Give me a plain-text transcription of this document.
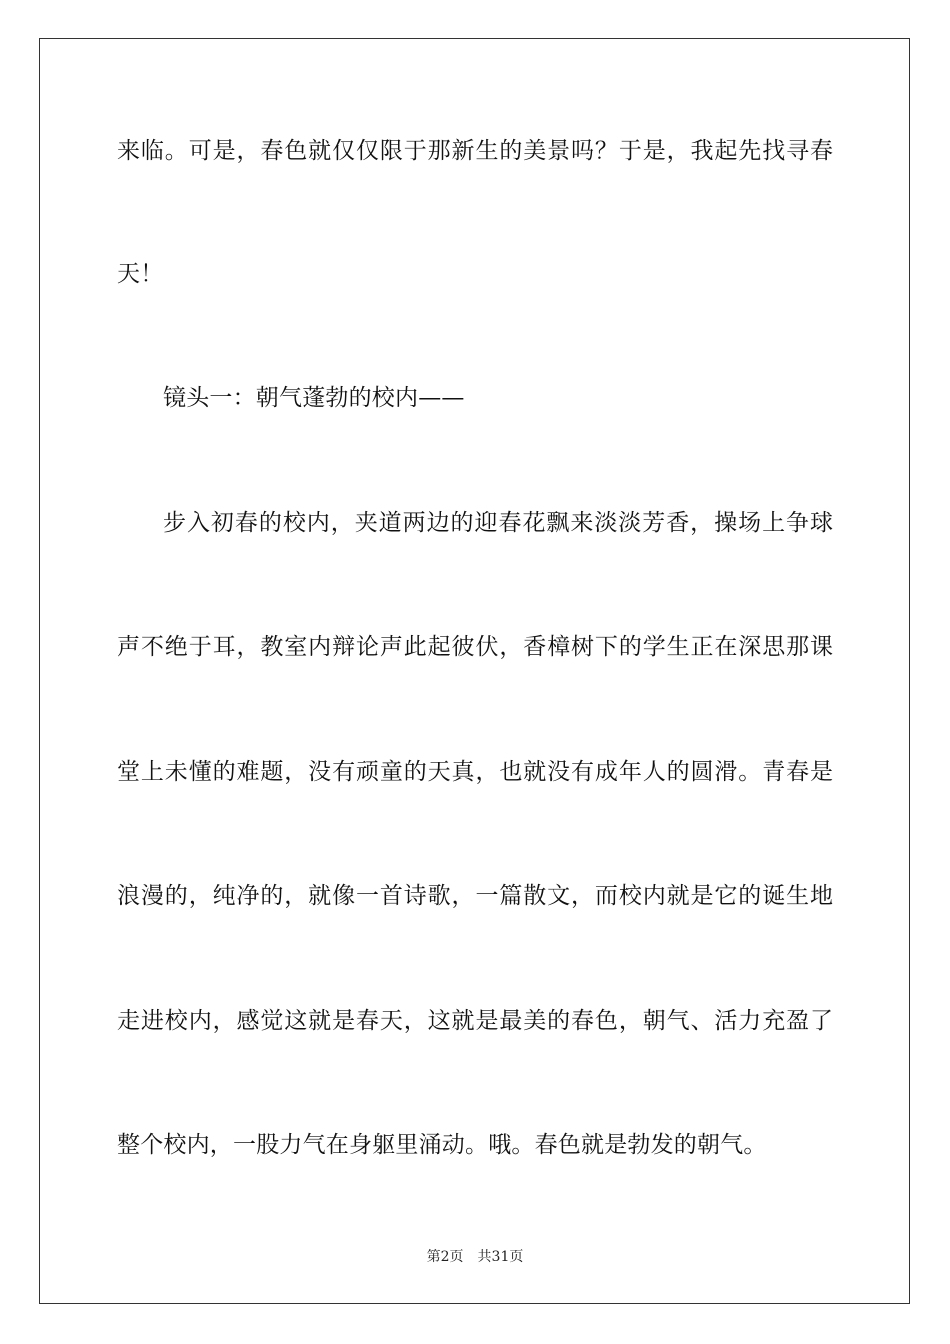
来临。可是，春色就仅仅限于那新生的美景吗？于是，我起先找寻春

天！

镜头一：朝气蓬勃的校内——

步入初春的校内，夹道两边的迎春花飘来淡淡芳香，操场上争球

声不绝于耳，教室内辩论声此起彼伏，香樟树下的学生正在深思那课

堂上未懂的难题，没有顽童的天真，也就没有成年人的圆滑。青春是

浪漫的，纯净的，就像一首诗歌，一篇散文，而校内就是它的诞生地

走进校内，感觉这就是春天，这就是最美的春色，朝气、活力充盈了

整个校内，一股力气在身躯里涌动。哦。春色就是勃发的朝气。

第2页 共31页
